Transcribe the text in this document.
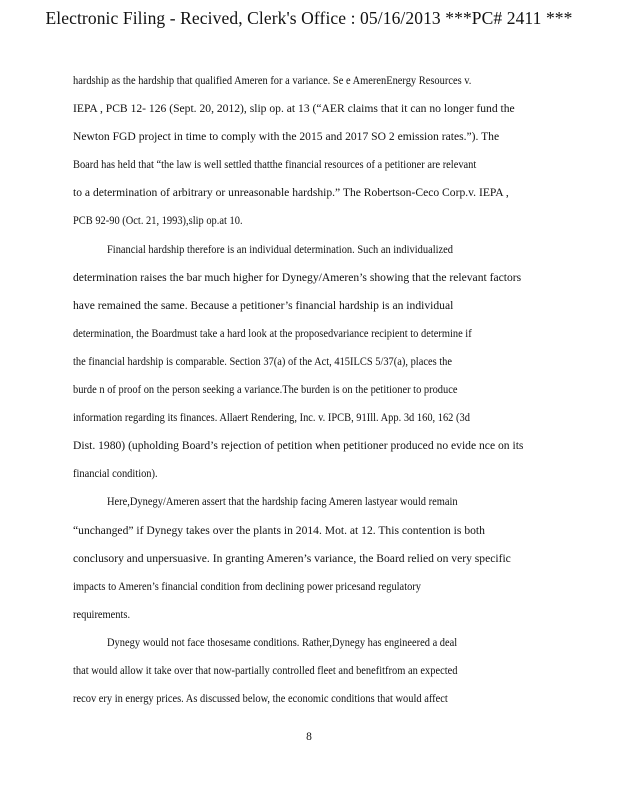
Electronic Filing - Recived, Clerk's Office : 05/16/2013 ***PC# 2411 ***
hardship as the hardship that qualified Ameren for a variance. Se e AmerenEnergy Resources v.
IEPA , PCB 12- 126 (Sept. 20, 2012), slip op. at 13 (“AER claims that it can no longer fund the
Newton FGD project in time to comply with the 2015 and 2017 SO 2 emission rates.”). The
Board has held that “the law is well settled thatthe financial resources of a petitioner are relevant
to a determination of arbitrary or unreasonable hardship.” The Robertson-Ceco Corp.v. IEPA ,
PCB 92-90 (Oct. 21, 1993),slip op.at 10.
Financial hardship therefore is an individual determination. Such an individualized
determination raises the bar much higher for Dynegy/Ameren’s showing that the relevant factors
have remained the same. Because a petitioner’s financial hardship is an individual
determination, the Boardmust take a hard look at the proposedvariance recipient to determine if
the financial hardship is comparable. Section 37(a) of the Act, 415ILCS 5/37(a), places the
burde n of proof on the person seeking a variance.The burden is on the petitioner to produce
information regarding its finances. Allaert Rendering, Inc. v. IPCB, 91Ill. App. 3d 160, 162 (3d
Dist. 1980) (upholding Board’s rejection of petition when petitioner produced no evide nce on its
financial condition).
Here,Dynegy/Ameren assert that the hardship facing Ameren lastyear would remain
“unchanged” if Dynegy takes over the plants in 2014. Mot. at 12. This contention is both
conclusory and unpersuasive. In granting Ameren’s variance, the Board relied on very specific
impacts to Ameren’s financial condition from declining power pricesand regulatory
requirements.
Dynegy would not face thosesame conditions. Rather,Dynegy has engineered a deal
that would allow it take over that now-partially controlled fleet and benefitfrom an expected
recov ery in energy prices. As discussed below, the economic conditions that would affect
8
